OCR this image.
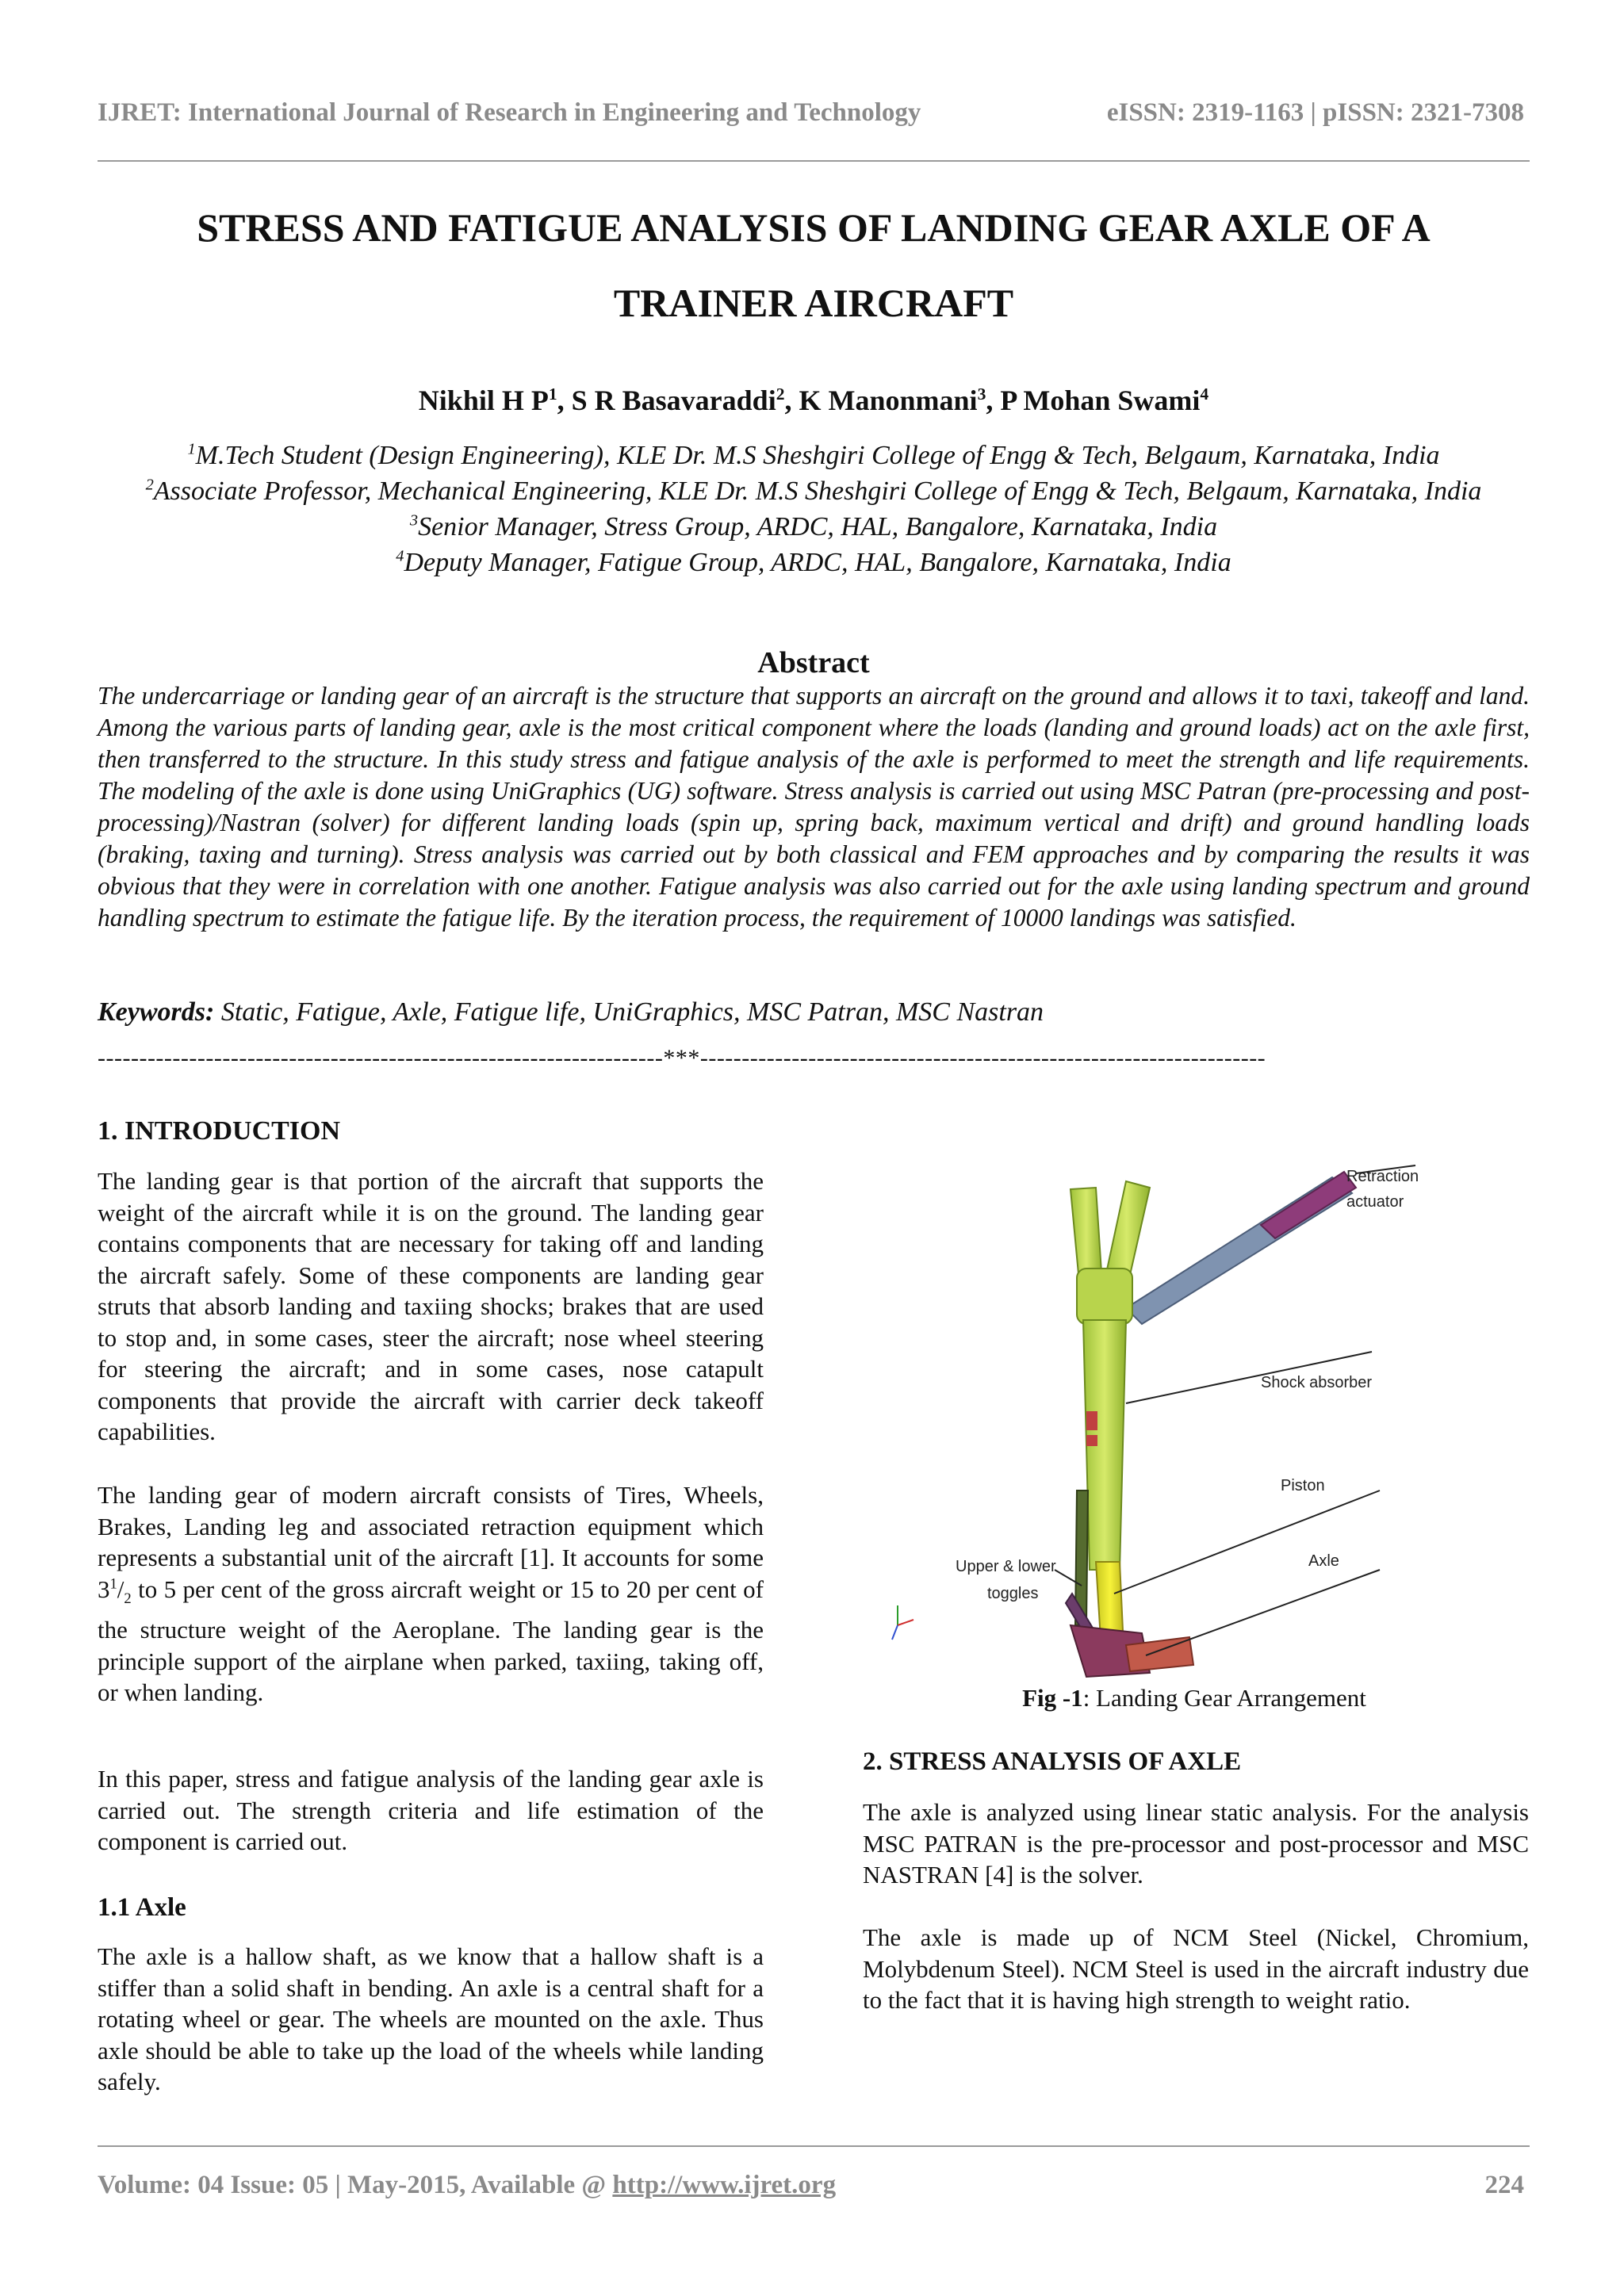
IJRET: International Journal of Research in Engineering and Technology	eISSN: 2319-1163 | pISSN: 2321-7308
STRESS AND FATIGUE ANALYSIS OF LANDING GEAR AXLE OF A
TRAINER AIRCRAFT
Nikhil H $P^1$, S R Basavaraddi$^2$, K Manonmani$^3$, P Mohan Swami$^4$
$^1$M.Tech Student (Design Engineering), KLE Dr. M.S Sheshgiri College of Engg & Tech, Belgaum, Karnataka, India
$^2$Associate Professor, Mechanical Engineering, KLE Dr. M.S Sheshgiri College of Engg & Tech, Belgaum, Karnataka, India
$^3$Senior Manager, Stress Group, ARDC, HAL, Bangalore, Karnataka, India
$^4$Deputy Manager, Fatigue Group, ARDC, HAL, Bangalore, Karnataka, India
Abstract
The undercarriage or landing gear of an aircraft is the structure that supports an aircraft on the ground and allows it to taxi, takeoff and land. Among the various parts of landing gear, axle is the most critical component where the loads (landing and ground loads) act on the axle first, then transferred to the structure. In this study stress and fatigue analysis of the axle is performed to meet the strength and life requirements. The modeling of the axle is done using UniGraphics (UG) software. Stress analysis is carried out using MSC Patran (pre-processing and post-processing)/Nastran (solver) for different landing loads (spin up, spring back, maximum vertical and drift) and ground handling loads (braking, taxing and turning). Stress analysis was carried out by both classical and FEM approaches and by comparing the results it was obvious that they were in correlation with one another. Fatigue analysis was also carried out for the axle using landing spectrum and ground handling spectrum to estimate the fatigue life. By the iteration process, the requirement of 10000 landings was satisfied.
Keywords: Static, Fatigue, Axle, Fatigue life, UniGraphics, MSC Patran, MSC Nastran
--------------------------------------------------------------------***--------------------------------------------------------------------
1. INTRODUCTION
The landing gear is that portion of the aircraft that supports the weight of the aircraft while it is on the ground. The landing gear contains components that are necessary for taking off and landing the aircraft safely. Some of these components are landing gear struts that absorb landing and taxiing shocks; brakes that are used to stop and, in some cases, steer the aircraft; nose wheel steering for steering the aircraft; and in some cases, nose catapult components that provide the aircraft with carrier deck takeoff capabilities.
The landing gear of modern aircraft consists of Tires, Wheels, Brakes, Landing leg and associated retraction equipment which represents a substantial unit of the aircraft [1]. It accounts for some $3^1/_2$ to 5 per cent of the gross aircraft weight or 15 to 20 per cent of the structure weight of the Aeroplane. The landing gear is the principle support of the airplane when parked, taxiing, taking off, or when landing.
In this paper, stress and fatigue analysis of the landing gear axle is carried out. The strength criteria and life estimation of the component is carried out.
1.1 Axle
The axle is a hallow shaft, as we know that a hallow shaft is a stiffer than a solid shaft in bending. An axle is a central shaft for a rotating wheel or gear. The wheels are mounted on the axle. Thus axle should be able to take up the load of the wheels while landing safely.
Retraction
actuator
Shock absorber
Piston
Upper & lower
toggles
Axle
Fig -1: Landing Gear Arrangement
2. STRESS ANALYSIS OF AXLE
The axle is analyzed using linear static analysis. For the analysis MSC PATRAN is the pre-processor and post-processor and MSC NASTRAN [4] is the solver.
The axle is made up of NCM Steel (Nickel, Chromium, Molybdenum Steel). NCM Steel is used in the aircraft industry due to the fact that it is having high strength to weight ratio.
Volume: 04 Issue: 05 | May-2015, Available @ http://www.ijret.org	224
